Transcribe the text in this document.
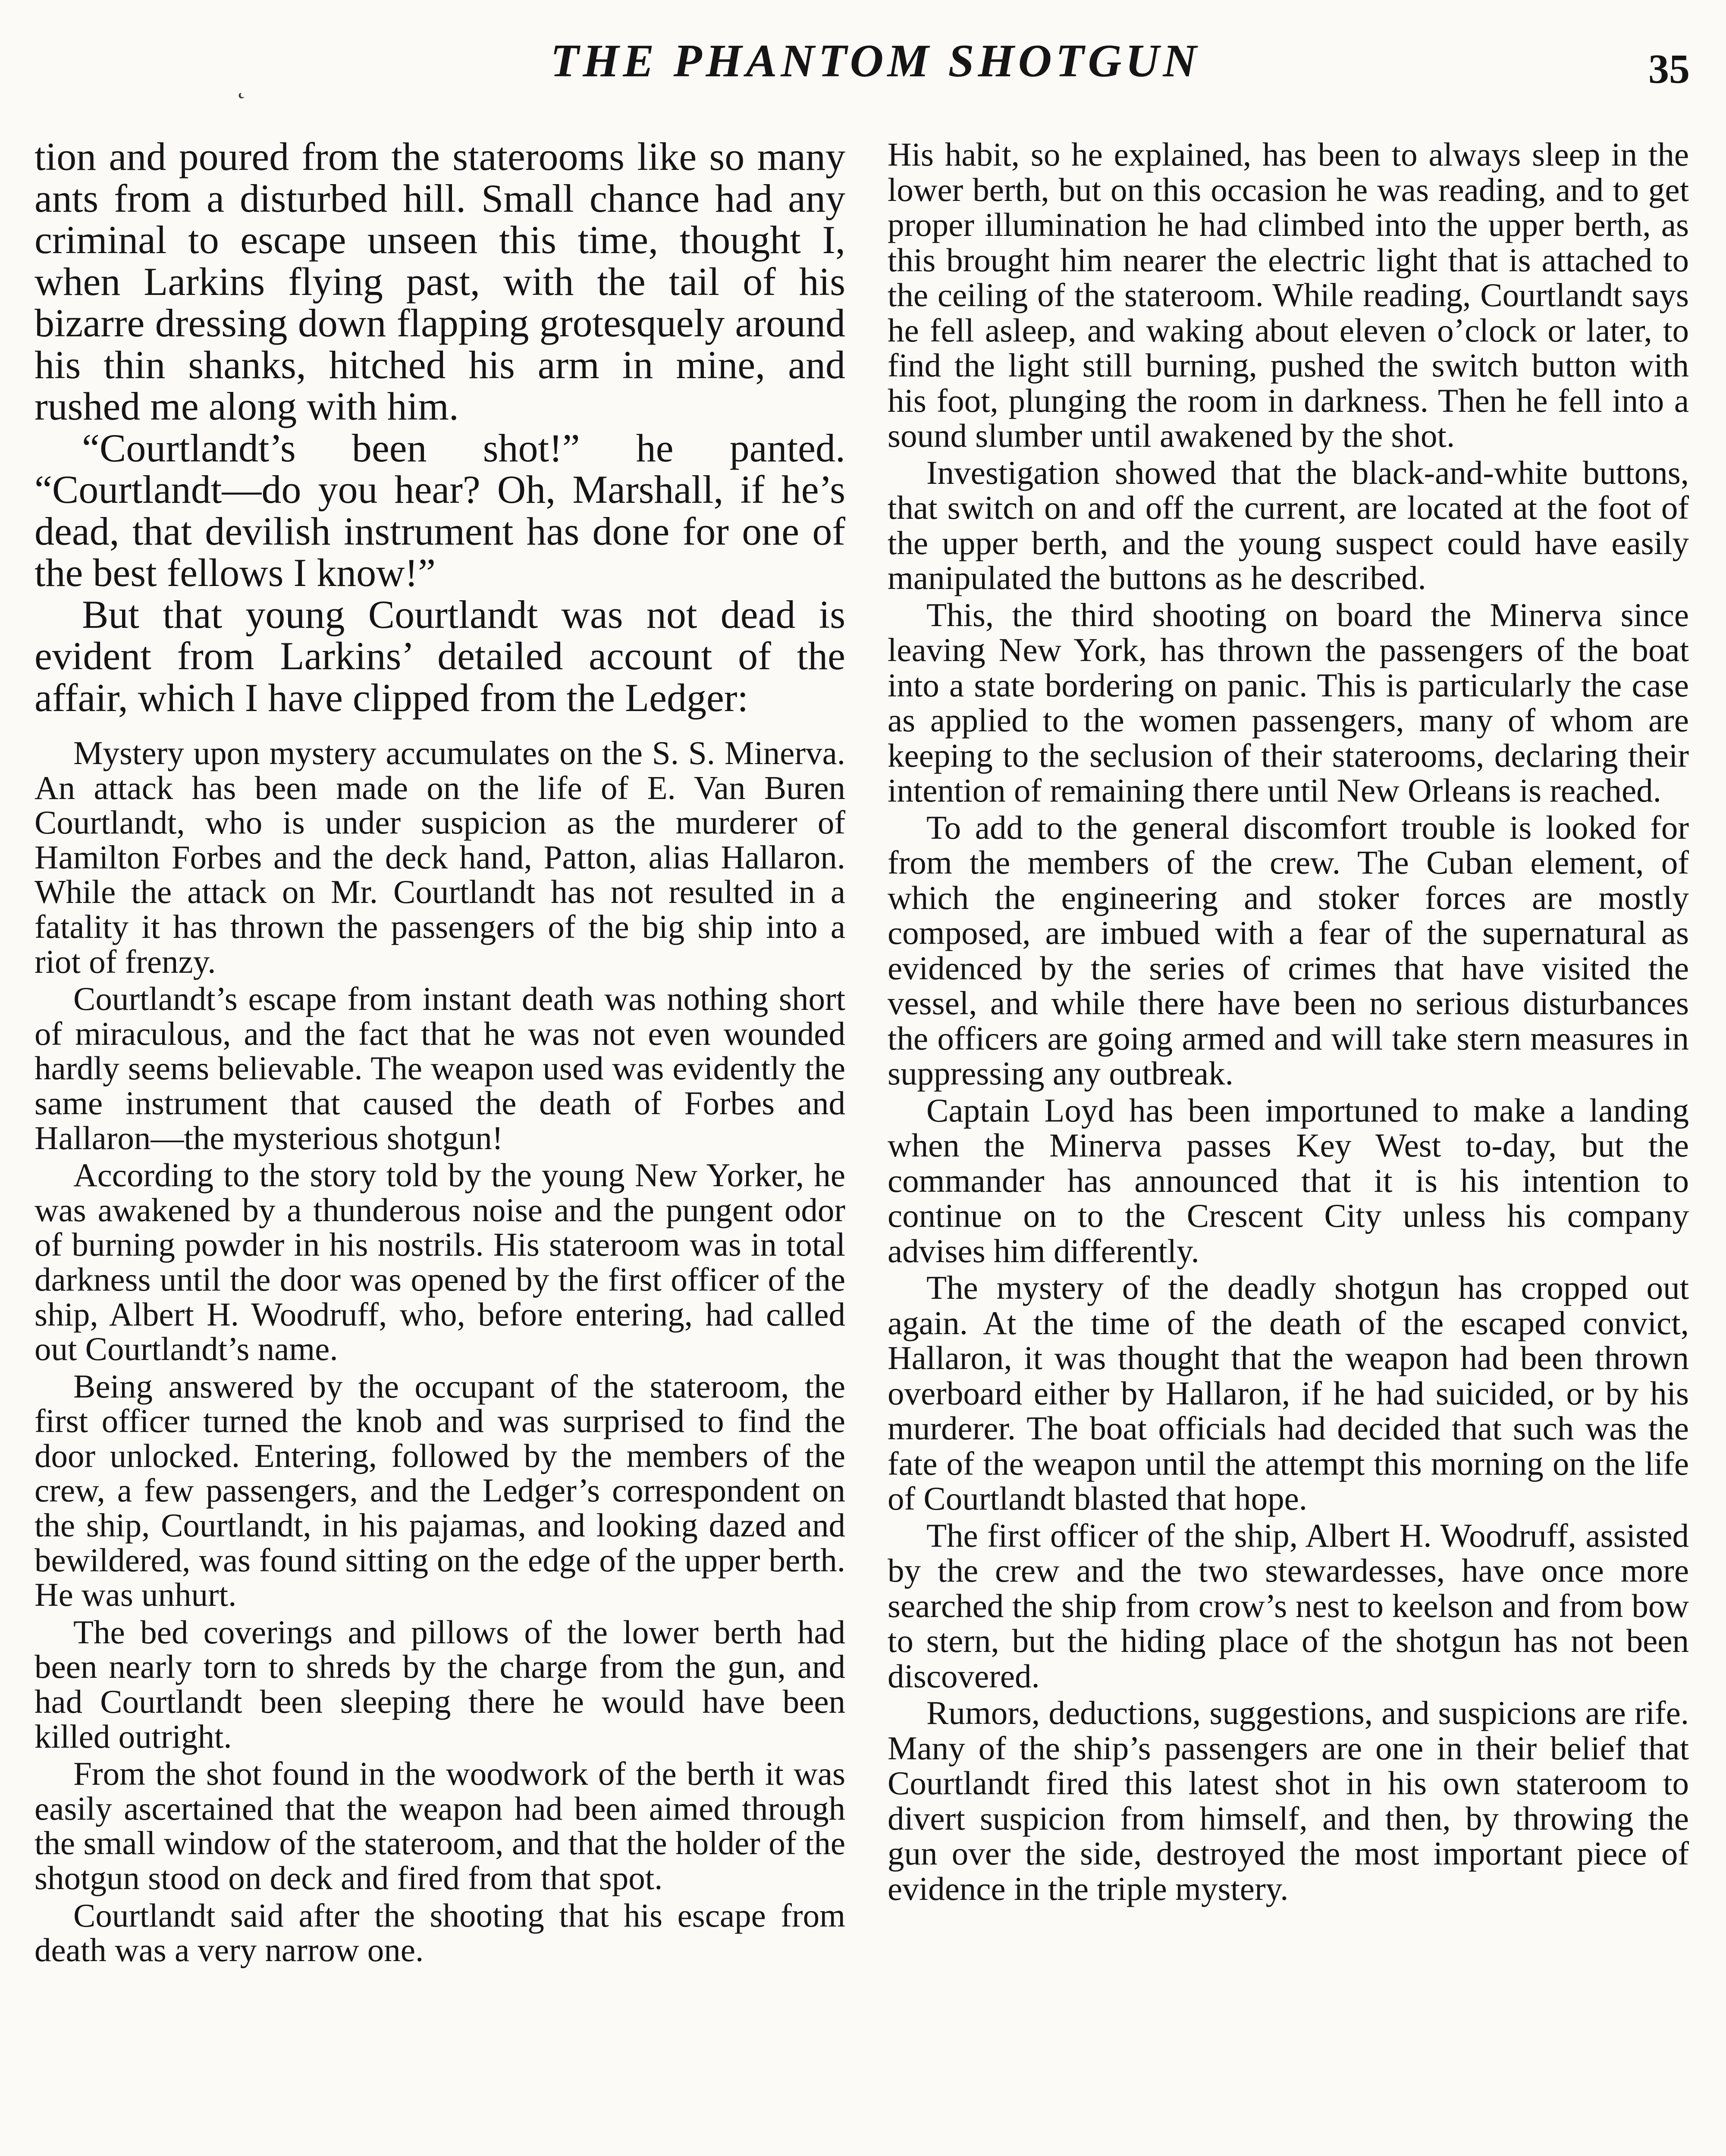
˛	THE PHANTOM SHOTGUN	35

tion and poured from the staterooms like so many ants from a disturbed hill. Small chance had any criminal to escape unseen this time, thought I, when Larkins flying past, with the tail of his bizarre dressing down flapping grotesquely around his thin shanks, hitched his arm in mine, and rushed me along with him.

“Courtlandt’s been shot!” he panted. “Courtlandt—do you hear? Oh, Marshall, if he’s dead, that devilish instrument has done for one of the best fellows I know!”

But that young Courtlandt was not dead is evident from Larkins’ detailed account of the affair, which I have clipped from the Ledger:

Mystery upon mystery accumulates on the S. S. Minerva. An attack has been made on the life of E. Van Buren Courtlandt, who is under suspicion as the murderer of Hamilton Forbes and the deck hand, Patton, alias Hallaron. While the attack on Mr. Courtlandt has not resulted in a fatality it has thrown the passengers of the big ship into a riot of frenzy.

Courtlandt’s escape from instant death was nothing short of miraculous, and the fact that he was not even wounded hardly seems believable. The weapon used was evidently the same instrument that caused the death of Forbes and Hallaron—the mysterious shotgun!

According to the story told by the young New Yorker, he was awakened by a thunderous noise and the pungent odor of burning powder in his nostrils. His stateroom was in total darkness until the door was opened by the first officer of the ship, Albert H. Woodruff, who, before entering, had called out Courtlandt’s name.

Being answered by the occupant of the stateroom, the first officer turned the knob and was surprised to find the door unlocked. Entering, followed by the members of the crew, a few passengers, and the Ledger’s correspondent on the ship, Courtlandt, in his pajamas, and looking dazed and bewildered, was found sitting on the edge of the upper berth. He was unhurt.

The bed coverings and pillows of the lower berth had been nearly torn to shreds by the charge from the gun, and had Courtlandt been sleeping there he would have been killed outright.

From the shot found in the woodwork of the berth it was easily ascertained that the weapon had been aimed through the small window of the stateroom, and that the holder of the shotgun stood on deck and fired from that spot.

Courtlandt said after the shooting that his escape from death was a very narrow one.

His habit, so he explained, has been to always sleep in the lower berth, but on this occasion he was reading, and to get proper illumination he had climbed into the upper berth, as this brought him nearer the electric light that is attached to the ceiling of the stateroom. While reading, Courtlandt says he fell asleep, and waking about eleven o’clock or later, to find the light still burning, pushed the switch button with his foot, plunging the room in darkness. Then he fell into a sound slumber until awakened by the shot.

Investigation showed that the black-and-white buttons, that switch on and off the current, are located at the foot of the upper berth, and the young suspect could have easily manipulated the buttons as he described.

This, the third shooting on board the Minerva since leaving New York, has thrown the passengers of the boat into a state bordering on panic. This is particularly the case as applied to the women passengers, many of whom are keeping to the seclusion of their staterooms, declaring their intention of remaining there until New Orleans is reached.

To add to the general discomfort trouble is looked for from the members of the crew. The Cuban element, of which the engineering and stoker forces are mostly composed, are imbued with a fear of the supernatural as evidenced by the series of crimes that have visited the vessel, and while there have been no serious disturbances the officers are going armed and will take stern measures in suppressing any outbreak.

Captain Loyd has been importuned to make a landing when the Minerva passes Key West to-day, but the commander has announced that it is his intention to continue on to the Crescent City unless his company advises him differently.

The mystery of the deadly shotgun has cropped out again. At the time of the death of the escaped convict, Hallaron, it was thought that the weapon had been thrown overboard either by Hallaron, if he had suicided, or by his murderer. The boat officials had decided that such was the fate of the weapon until the attempt this morning on the life of Courtlandt blasted that hope.

The first officer of the ship, Albert H. Woodruff, assisted by the crew and the two stewardesses, have once more searched the ship from crow’s nest to keelson and from bow to stern, but the hiding place of the shotgun has not been discovered.

Rumors, deductions, suggestions, and suspicions are rife. Many of the ship’s passengers are one in their belief that Courtlandt fired this latest shot in his own stateroom to divert suspicion from himself, and then, by throwing the gun over the side, destroyed the most important piece of evidence in the triple mystery.
